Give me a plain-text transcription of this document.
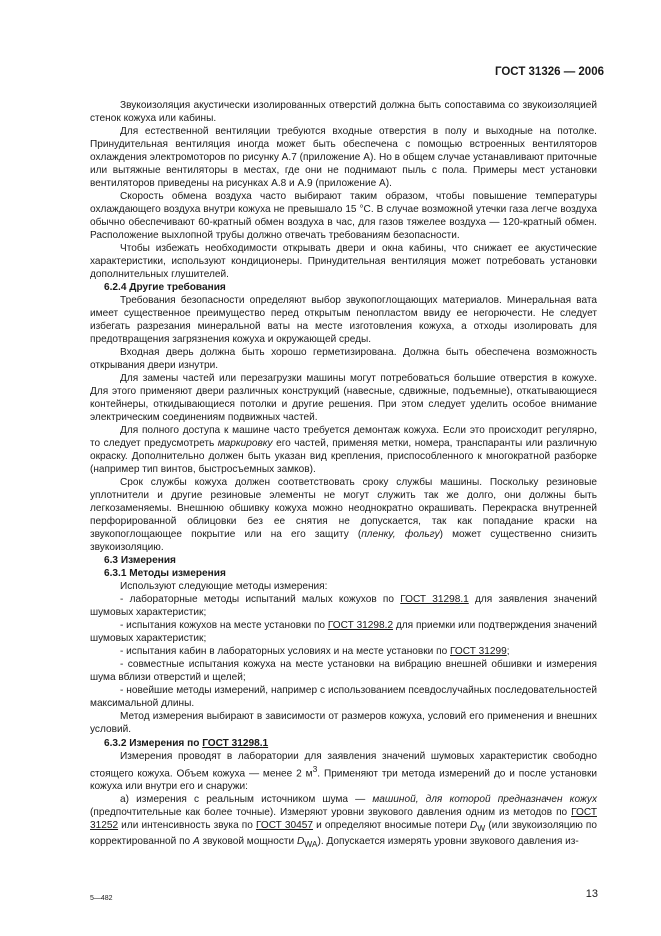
ГОСТ 31326 — 2006

Звукоизоляция акустически изолированных отверстий должна быть сопоставима со звукоизоляцией стенок кожуха или кабины.

Для естественной вентиляции требуются входные отверстия в полу и выходные на потолке. Принудительная вентиляция иногда может быть обеспечена с помощью встроенных вентиляторов охлаждения электромоторов по рисунку А.7 (приложение А). Но в общем случае устанавливают приточные или вытяжные вентиляторы в местах, где они не поднимают пыль с пола. Примеры мест установки вентиляторов приведены на рисунках А.8 и А.9 (приложение А).

Скорость обмена воздуха часто выбирают таким образом, чтобы повышение температуры охлаждающего воздуха внутри кожуха не превышало 15 °С. В случае возможной утечки газа легче воздуха обычно обеспечивают 60-кратный обмен воздуха в час, для газов тяжелее воздуха — 120-кратный обмен. Расположение выхлопной трубы должно отвечать требованиям безопасности.

Чтобы избежать необходимости открывать двери и окна кабины, что снижает ее акустические характеристики, используют кондиционеры. Принудительная вентиляция может потребовать установки дополнительных глушителей.

6.2.4 Другие требования

Требования безопасности определяют выбор звукопоглощающих материалов. Минеральная вата имеет существенное преимущество перед открытым пенопластом ввиду ее негорючести. Не следует избегать разрезания минеральной ваты на месте изготовления кожуха, а отходы изолировать для предотвращения загрязнения кожуха и окружающей среды.

Входная дверь должна быть хорошо герметизирована. Должна быть обеспечена возможность открывания двери изнутри.

Для замены частей или перезагрузки машины могут потребоваться большие отверстия в кожухе. Для этого применяют двери различных конструкций (навесные, сдвижные, подъемные), откатывающиеся контейнеры, откидывающиеся потолки и другие решения. При этом следует уделить особое внимание электрическим соединениям подвижных частей.

Для полного доступа к машине часто требуется демонтаж кожуха. Если это происходит регулярно, то следует предусмотреть маркировку его частей, применяя метки, номера, транспаранты или различную окраску. Дополнительно должен быть указан вид крепления, приспособленного к многократной разборке (например тип винтов, быстросъемных замков).

Срок службы кожуха должен соответствовать сроку службы машины. Поскольку резиновые уплотнители и другие резиновые элементы не могут служить так же долго, они должны быть легкозаменяемы. Внешнюю обшивку кожуха можно неоднократно окрашивать. Перекраска внутренней перфорированной облицовки без ее снятия не допускается, так как попадание краски на звукопоглощающее покрытие или на его защиту (пленку, фольгу) может существенно снизить звукоизоляцию.

6.3 Измерения

6.3.1 Методы измерения

Используют следующие методы измерения:

- лабораторные методы испытаний малых кожухов по ГОСТ 31298.1 для заявления значений шумовых характеристик;

- испытания кожухов на месте установки по ГОСТ 31298.2 для приемки или подтверждения значений шумовых характеристик;

- испытания кабин в лабораторных условиях и на месте установки по ГОСТ 31299;

- совместные испытания кожуха на месте установки на вибрацию внешней обшивки и измерения шума вблизи отверстий и щелей;

- новейшие методы измерений, например с использованием псевдослучайных последовательностей максимальной длины.

Метод измерения выбирают в зависимости от размеров кожуха, условий его применения и внешних условий.

6.3.2 Измерения по ГОСТ 31298.1

Измерения проводят в лаборатории для заявления значений шумовых характеристик свободно стоящего кожуха. Объем кожуха — менее 2 $м^3$. Применяют три метода измерений до и после установки кожуха или внутри его и снаружи:

а) измерения с реальным источником шума — машиной, для которой предназначен кожух (предпочтительные как более точные). Измеряют уровни звукового давления одним из методов по ГОСТ 31252 или интенсивность звука по ГОСТ 30457 и определяют вносимые потери $D_W$ (или звукоизоляцию по корректированной по А звуковой мощности $D_{WA}$). Допускается измерять уровни звукового давления из-

5—482	13
